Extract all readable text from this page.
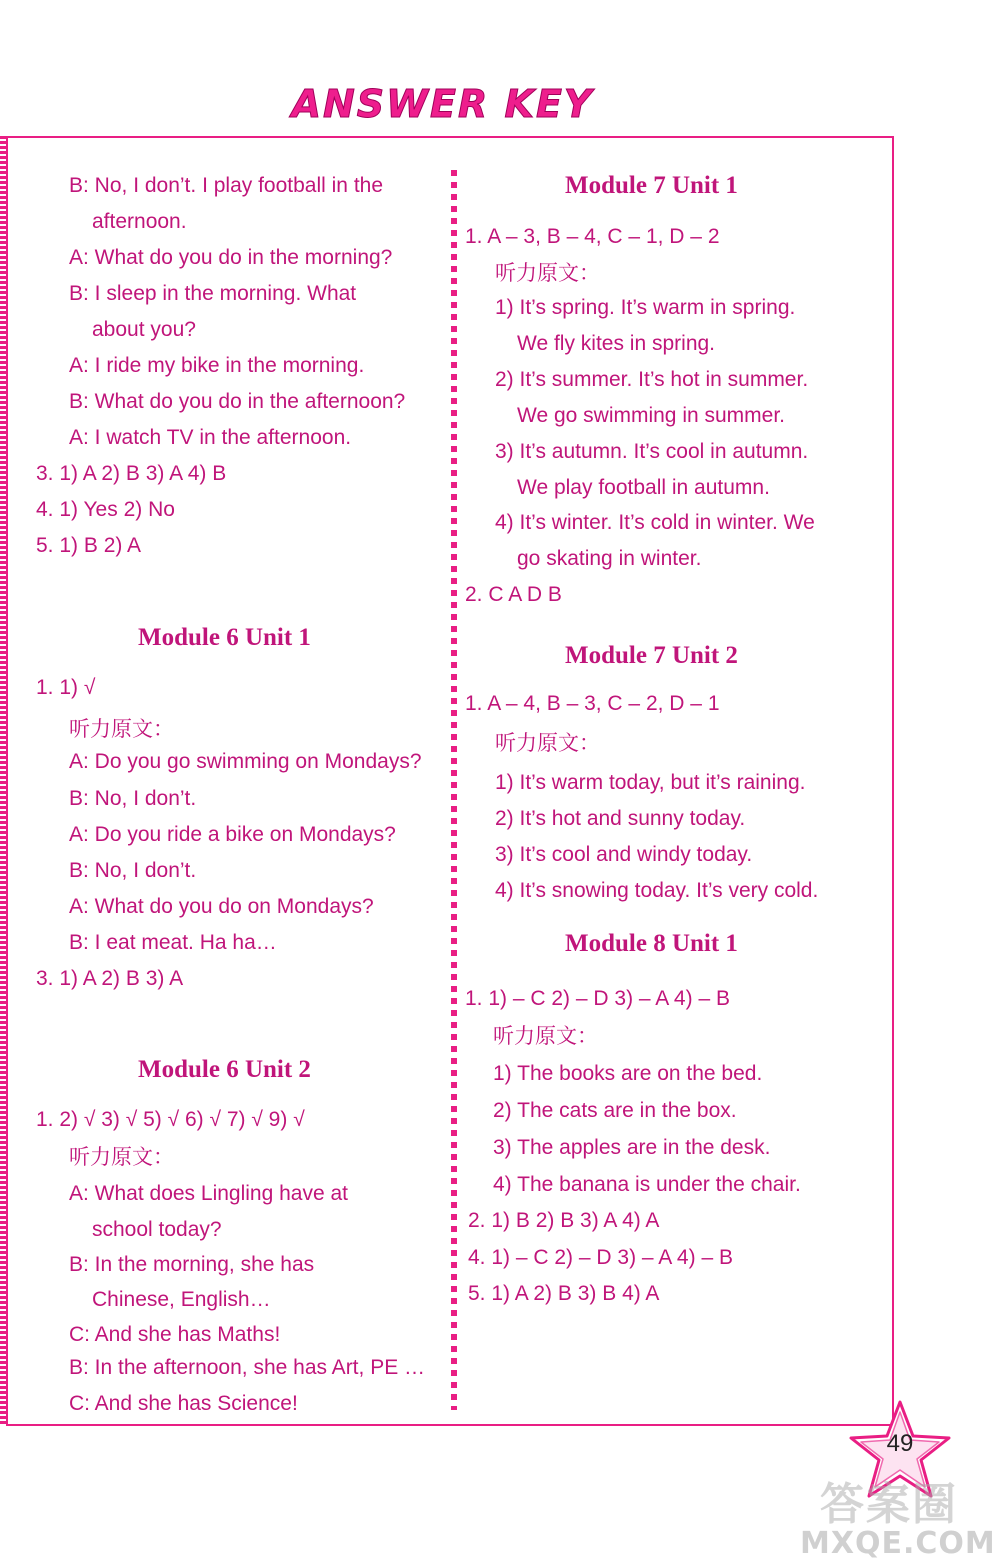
ANSWER KEY
B: No, I don’t. I play football in the
afternoon.
A: What do you do in the morning?
B: I sleep in the morning. What
about you?
A: I ride my bike in the morning.
B: What do you do in the afternoon?
A: I watch TV in the afternoon.
3. 1) A 2) B 3) A 4) B
4. 1) Yes 2) No
5. 1) B 2) A
Module 6 Unit 1
1. 1) √
听力原文：
A: Do you go swimming on Mondays?
B: No, I don’t.
A: Do you ride a bike on Mondays?
B: No, I don’t.
A: What do you do on Mondays?
B: I eat meat. Ha ha…
3. 1) A 2) B 3) A
Module 6 Unit 2
1. 2) √ 3) √ 5) √ 6) √ 7) √ 9) √
听力原文：
A: What does Lingling have at
school today?
B: In the morning, she has
Chinese, English…
C: And she has Maths!
B: In the afternoon, she has Art, PE …
C: And she has Science!
Module 7 Unit 1
1. A – 3, B – 4, C – 1, D – 2
听力原文：
1) It’s spring. It’s warm in spring.
We fly kites in spring.
2) It’s summer. It’s hot in summer.
We go swimming in summer.
3) It’s autumn. It’s cool in autumn.
We play football in autumn.
4) It’s winter. It’s cold in winter. We
go skating in winter.
2. C A D B
Module 7 Unit 2
1. A – 4, B – 3, C – 2, D – 1
听力原文：
1) It’s warm today, but it’s raining.
2) It’s hot and sunny today.
3) It’s cool and windy today.
4) It’s snowing today. It’s very cold.
Module 8 Unit 1
1. 1) – C 2) – D 3) – A 4) – B
听力原文：
1) The books are on the bed.
2) The cats are in the box.
3) The apples are in the desk.
4) The banana is under the chair.
2. 1) B 2) B 3) A 4) A
4. 1) – C 2) – D 3) – A 4) – B
5. 1) A 2) B 3) B 4) A
49
答案圈
MXQE.COM
